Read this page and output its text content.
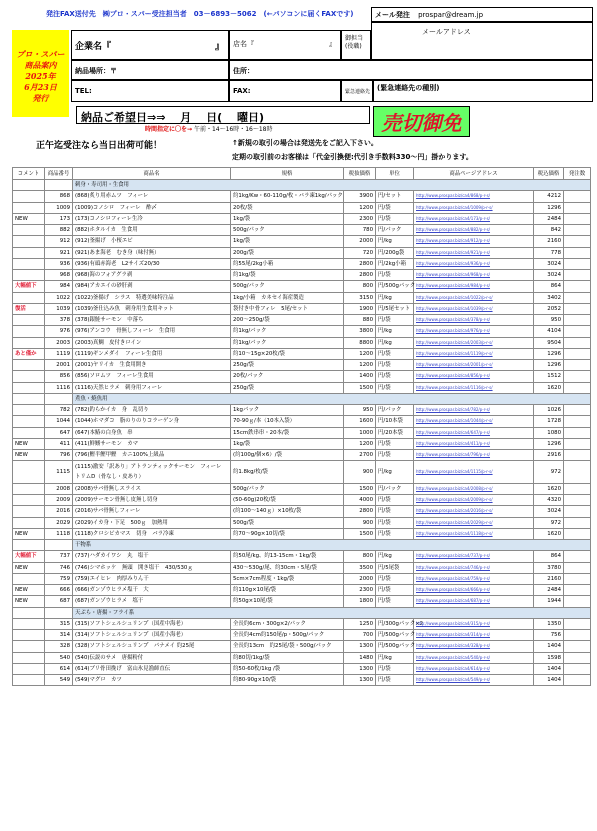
発注FAX送付先　㈱プロ・スパー受注担当者　03－6893－5062　(←パソコンに届くFAXです)	メール発注 prospar@dream.jp
プロ・スパー
商品案内
2025年
6月23日
発行
企業名『	』	店名『	』
御担当
(役職)
メールアドレス
納品場所：〒	住所：
TEL:	FAX:	緊急連絡先 (緊急連絡先の種別)
納品ご希望日⇒⇒　 月　 日(　 曜日)
時間指定に〇を→ 午前・14～16時・16～18時	売切御免
正午迄受注なら当日出荷可能！	↑新規の取引の場合は発送先をご記入下さい。
定期の取引前のお客様は「代金引換便:代引き手数料330～円」掛かります。
コメント	商品番号	商品名	規格	税抜価格	単位	商品ページアドレス	税込価格	発注数
		刺身・寿司用・生食用						
	868	(868)炙り用赤ムツ　フィーレ	約1kg/Kw・60-110g/枚・バラ凍1kg/パック	3900	円/セット	http://www.prospar.biz/ca4/868/p-r-s/	4212	
	1009	(1009)コノシロ　フィーレ　酢〆	20枚/袋	1200	円/袋	http://www.prospar.biz/ca4/1009/p-r-s/	1296	
NEW	173	(173)コノシロフィーレ生冷	1kg/袋	2300	円/袋	http://www.prospar.biz/ca4/173/p-r-s/	2484	
	882	(882)ホタルイカ　生食用	500g/パック	780	円/パック	http://www.prospar.biz/ca4/882/p-r-s/	842	
	912	(912)釜揚げ　小桜エビ	1kg/袋	2000	円/kg	http://www.prospar.biz/ca4/912/p-r-s/	2160	
	921	(921)あま海老　むき身（味付無）	200g/袋	720	円/200g袋	http://www.prospar.biz/ca4/921/p-r-s/	778	
	936	(936)有頭赤海老　L2サイズ20/30	約55尾/2kg小箱	2800	円/2kg小箱	http://www.prospar.biz/ca4/936/p-r-s/	3024	
	968	(968)海のフォアグラ剥	約1kg/袋	2800	円/袋	http://www.prospar.biz/ca4/968/p-r-s/	3024	
大幅値下	984	(984)アカエイの砂肝剥	500g/パック	800	円/500gパック	http://www.prospar.biz/ca4/984/p-r-s/	864	
	1022	(1022)釜揚げ　シラス　特選美味特注品	1kg/小箱　カネセイ海産製造	3150	円/kg	http://www.prospar.biz/ca4/1022/p-r-s/	3402	
復活	1039	(1039)釜仕込み魚　刺身用生食用キット	袋付き中骨フィレ　5尾/セット	1900	円/5尾セット	http://www.prospar.biz/ca4/1039/p-r-s/	2052	
	378	(378)銀鮭サーモン　中落ち	200～250g/袋	880	円/袋	http://www.prospar.biz/ca4/378/p-r-s/	950	
	976	(976)アンコウ　骨無しフィーレ　生食用	約1kg/パック	3800	円/kg	http://www.prospar.biz/ca4/976/p-r-s/	4104	
	2003	(2003)真鯛　皮付きロイン	約1kg/パック	8800	円/kg	http://www.prospar.biz/ca4/2003/p-r-s/	9504	
あと僅か	1119	(1119)ギンメダイ　フィーレ生食用	約10～15g×20枚/袋	1200	円/袋	http://www.prospar.biz/ca4/1119/p-r-s/	1296	
	2001	(2001)ヤリイカ　生食用開き	250g/袋	1200	円/袋	http://www.prospar.biz/ca4/2001/p-r-s/	1296	
	856	(856)ソロムツ　フィーレ生食用	20枚/パック	1400	円/袋	http://www.prospar.biz/ca4/856/p-r-s/	1512	
	1116	(1116)天然ヒラメ　刺身用フィーレ	250g/袋	1500	円/袋	http://www.prospar.biz/ca4/1116/p-r-s/	1620	
		煮魚・焼魚用						
	782	(782)釣らかイカ　身　乱切り	1kgパック	950	円/パック	http://www.prospar.biz/ca4/782/p-r-s/	1026	
	1044	(1044)ホマダコ　脂のりのりコラーゲン身	70-90ｇ/本（10本入袋）	1600	円/10本袋	http://www.prospar.biz/ca4/1044/p-r-s/	1728	
	647	(647)本鰆の白身魚　串	15cm鉄串串・20本/袋	1000	円/20本袋	http://www.prospar.biz/ca4/647/p-r-s/	1080	
NEW	411	(411)鮮鰯サーモン　カマ	1kg/袋	1200	円/袋	http://www.prospar.biz/ca4/411/p-r-s/	1296	
NEW	796	(796)鰹半鰹甲鰹　カニ100%上級品	(約100g/個×6）/袋	2700	円/袋	http://www.prospar.biz/ca4/796/p-r-s/	2916	
	1115	(1115)激安「訳あり」アトランティックサーモン　フィーレ　トリムD（骨なし・皮あり）	約1.8kg/枚/袋	900	円/kg	http://www.prospar.biz/ca4/1115/p-r-s/	972	
	2008	(2008)サバ骨無しスライス	500g/パック	1500	円/パック	http://www.prospar.biz/ca4/2008/p-r-s/	1620	
	2009	(2009)サーモン骨無し皮無し切身	(50-60g)20枚/袋	4000	円/袋	http://www.prospar.biz/ca4/2009/p-r-s/	4320	
	2016	(2016)サバ骨無しフィーレ	(約100～140ｇ）×10枚/袋	2800	円/袋	http://www.prospar.biz/ca4/2016/p-r-s/	3024	
	2029	(2029)イカ身・下足　500ｇ　加熱用	500g/袋	900	円/袋	http://www.prospar.biz/ca4/2029/p-r-s/	972	
NEW	1118	(1118)クロシビカマス　切身　バラ冷凍	約70～90g×10切/袋	1500	円/袋	http://www.prospar.biz/ca4/1118/p-r-s/	1620	
		干物系						
大幅値下	737	(737)ハダカイワシ　丸　塩干	約50尾/kg、約13-15cm・1kg/袋	800	円/kg	http://www.prospar.biz/ca4/737/p-r-s/	864	
NEW	746	(746)シマホッケ　無頭　開き塩干　430/530ｇ	430～530g/尾、約30cm・5尾/袋	3500	円/5尾袋	http://www.prospar.biz/ca4/746/p-r-s/	3780	
	759	(759)エイヒレ　肉厚みりん干	5cm×7cm程度・1kg/袋	2000	円/袋	http://www.prospar.biz/ca4/759/p-r-s/	2160	
NEW	666	(666)ガンゾウヒラメ塩干　大	約110g×10尾/袋	2300	円/袋	http://www.prospar.biz/ca4/666/p-r-s/	2484	
NEW	687	(687)ガンゾウヒラメ　塩干	約50g×10尾/袋	1800	円/袋	http://www.prospar.biz/ca4/687/p-r-s/	1944	
		天ぷら・唐揚・フライ系						
	315	(315)ソフトシェルシュリンプ（国産中海老）	全長約6cm・300g×2/パック	1250	円/300gパック×2	http://www.prospar.biz/ca4/315/p-r-s/	1350	
	314	(314)ソフトシェルシュリンプ（国産小海老）	全長約4cm約150尾/p・500g/パック	700	円/500gパック	http://www.prospar.biz/ca4/314/p-r-s/	756	
	328	(328)ソフトシェルシュリンプ　パナメイ 約25尾	全長約13cm　約25尾/袋・500g/パック	1300	円/500gパック	http://www.prospar.biz/ca4/328/p-r-s/	1404	
	540	(540)伝説のサメ　唐揚粉付	約80切/1kg/袋	1480	円/kg	http://www.prospar.biz/ca4/540/p-r-s/	1598	
	614	(614)ブリ骨田挽げ　富山氷見漁師直伝	約50-60枚/1kg /袋	1300	円/袋	http://www.prospar.biz/ca4/614/p-r-s/	1404	
	549	(549)マグロ　カツ	約80-90g×10/袋	1300	円/袋	http://www.prospar.biz/ca4/549/p-r-s/	1404	
